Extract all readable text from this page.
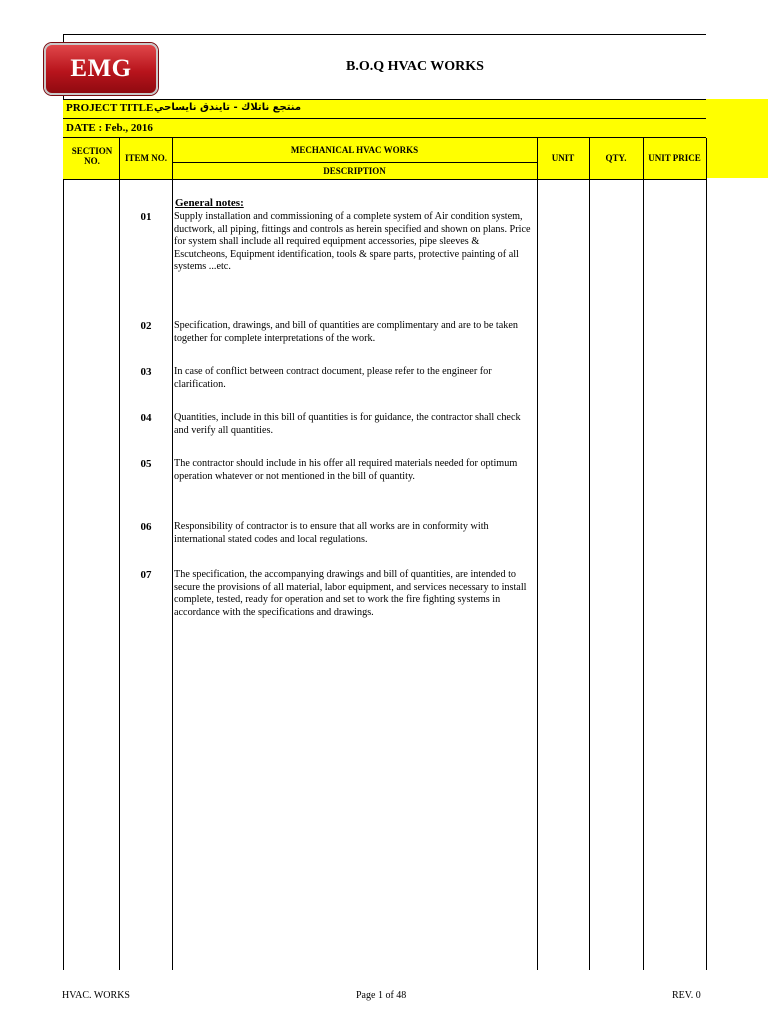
EMG	B.O.Q HVAC WORKS
PROJECT TITLE منتجع ناتلاك - تايندق نايساحي
DATE : Feb., 2016
SECTION NO.	ITEM NO.
MECHANICAL HVAC WORKS
DESCRIPTION
UNIT	QTY.	UNIT PRICE
General notes:
01	Supply installation and commissioning of a complete system of Air condition system, ductwork, all piping, fittings and controls as herein specified and shown on plans. Price for system shall include all required equipment accessories, pipe sleeves & Escutcheons, Equipment identification, tools & spare parts, protective painting of all systems ...etc.
02	Specification, drawings, and bill of quantities are complimentary and are to be taken together for complete interpretations of the work.
03	In case of conflict between contract document, please refer to the engineer for clarification.
04	Quantities, include in this bill of quantities is for guidance, the contractor shall check and verify all quantities.
05	The contractor should include in his offer all required materials needed for optimum operation whatever or not mentioned in the bill of quantity.
06	Responsibility of contractor is to ensure that all works are in conformity with international stated codes and local regulations.
07	The specification, the accompanying drawings and bill of quantities, are intended to secure the provisions of all material, labor equipment, and services necessary to install complete, tested, ready for operation and set to work the fire fighting systems in accordance with the specifications and drawings.
HVAC. WORKS	Page 1 of 48	REV. 0
